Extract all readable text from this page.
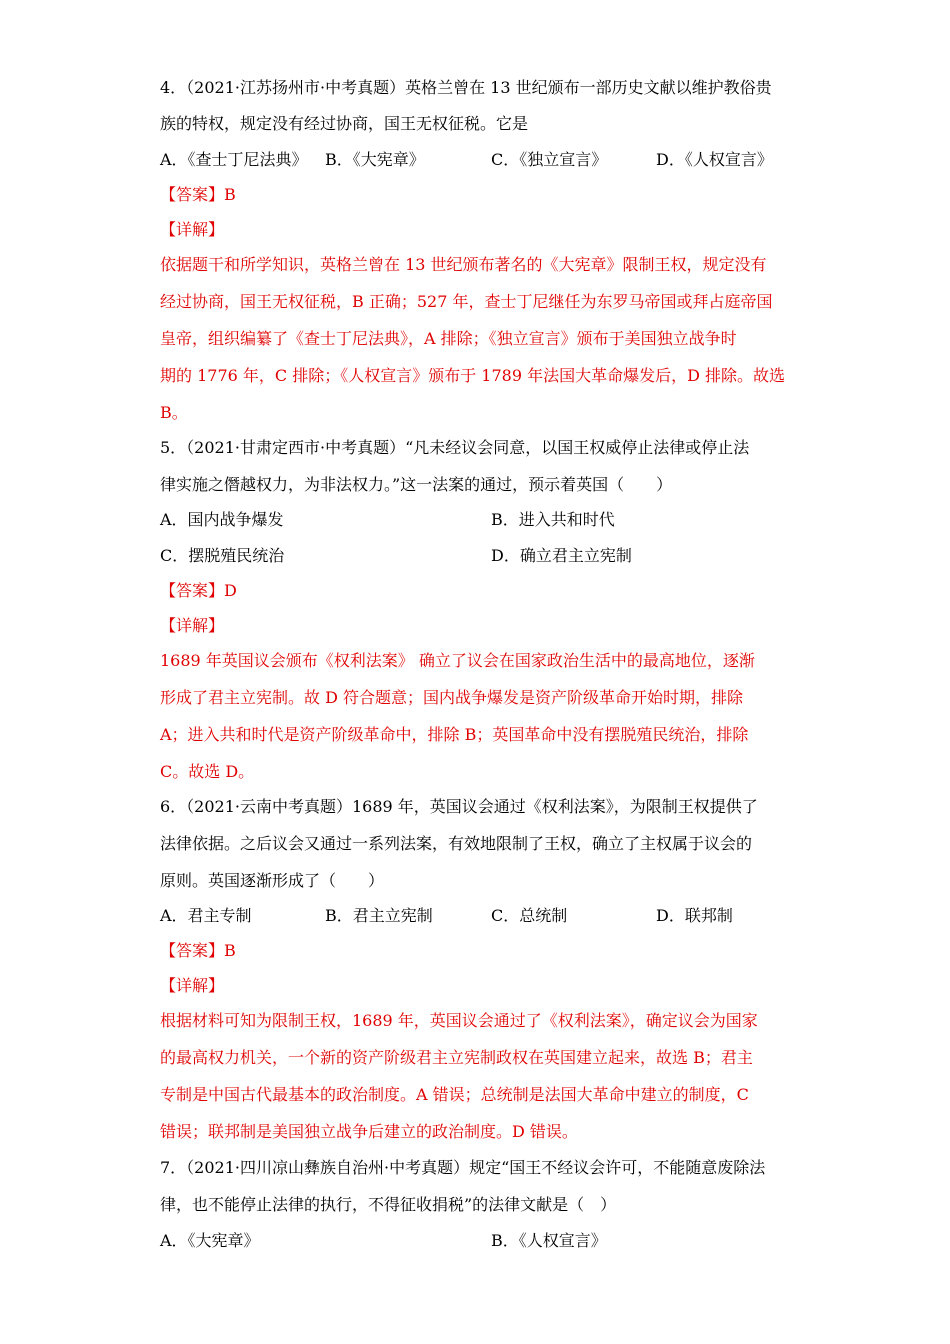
4．（2021·江苏扬州市·中考真题）英格兰曾在 13 世纪颁布一部历史文献以维护教俗贵
族的特权，规定没有经过协商，国王无权征税。它是
A．《查士丁尼法典》 B．《大宪章》	C．《独立宣言》	D．《人权宣言》
【答案】B
【详解】
依据题干和所学知识，英格兰曾在 13 世纪颁布著名的《大宪章》限制王权，规定没有
经过协商，国王无权征税，B 正确；527 年，查士丁尼继任为东罗马帝国或拜占庭帝国
皇帝，组织编纂了《查士丁尼法典》，A 排除；《独立宣言》颁布于美国独立战争时
期的 1776 年，C 排除；《人权宣言》颁布于 1789 年法国大革命爆发后，D 排除。故选
B。
5．（2021·甘肃定西市·中考真题）“凡未经议会同意，以国王权威停止法律或停止法
律实施之僭越权力，为非法权力。”这一法案的通过，预示着英国（　　）
A．国内战争爆发	B．进入共和时代
C．摆脱殖民统治	D．确立君主立宪制
【答案】D
【详解】
1689 年英国议会颁布《权利法案》 确立了议会在国家政治生活中的最高地位，逐渐
形成了君主立宪制。故 D 符合题意；国内战争爆发是资产阶级革命开始时期，排除
A；进入共和时代是资产阶级革命中，排除 B；英国革命中没有摆脱殖民统治，排除
C。故选 D。
6．（2021·云南中考真题）1689 年，英国议会通过《权利法案》，为限制王权提供了
法律依据。之后议会又通过一系列法案，有效地限制了王权，确立了主权属于议会的
原则。英国逐渐形成了（　　）
A．君主专制	B．君主立宪制	C．总统制	D．联邦制
【答案】B
【详解】
根据材料可知为限制王权，1689 年，英国议会通过了《权利法案》，确定议会为国家
的最高权力机关，一个新的资产阶级君主立宪制政权在英国建立起来，故选 B；君主
专制是中国古代最基本的政治制度。A 错误；总统制是法国大革命中建立的制度，C
错误；联邦制是美国独立战争后建立的政治制度。D 错误。
7．（2021·四川凉山彝族自治州·中考真题）规定“国王不经议会许可，不能随意废除法
律，也不能停止法律的执行，不得征收捐税”的法律文献是（　）
A．《大宪章》	B．《人权宣言》
